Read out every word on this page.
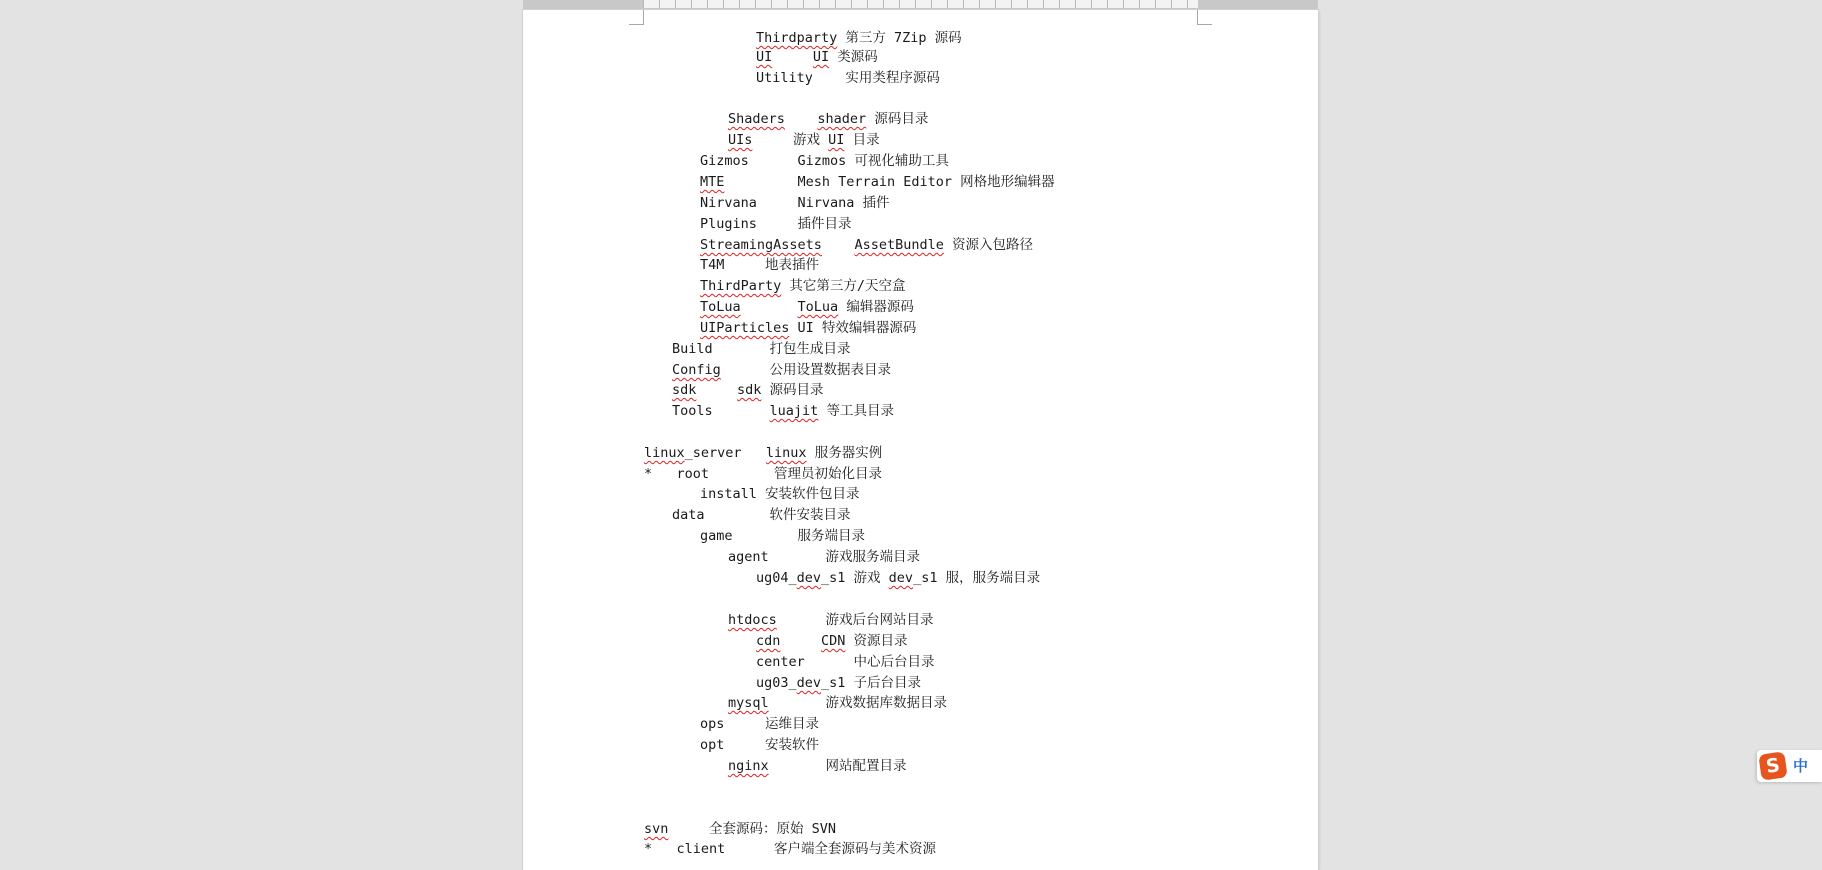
Thirdparty 第三方 7Zip 源码
UI	UI 类源码
Utility    实用类程序源码
Shaders shader 源码目录
UIs     游戏 UI 目录
Gizmos      Gizmos 可视化辅助工具
MTE         Mesh Terrain Editor 网格地形编辑器
Nirvana     Nirvana 插件
Plugins     插件目录
StreamingAssets AssetBundle 资源入包路径
T4M     地表插件
ThirdParty 其它第三方/天空盒
ToLua	ToLua 编辑器源码
UIParticles UI 特效编辑器源码
Build       打包生成目录
Config      公用设置数据表目录
sdk	sdk 源码目录
Tools       luajit 等工具目录
linux_server   linux 服务器实例
*   root        管理员初始化目录
install 安装软件包目录
data        软件安装目录
game        服务端目录
agent       游戏服务端目录
ug04_dev_s1 游戏 dev_s1 服，服务端目录
htdocs      游戏后台网站目录
cdn	CDN 资源目录
center      中心后台目录
ug03_dev_s1 子后台目录
mysql       游戏数据库数据目录
ops     运维目录
opt     安装软件
nginx       网站配置目录
svn     全套源码：原始 SVN
*   client      客户端全套源码与美术资源
S 中
